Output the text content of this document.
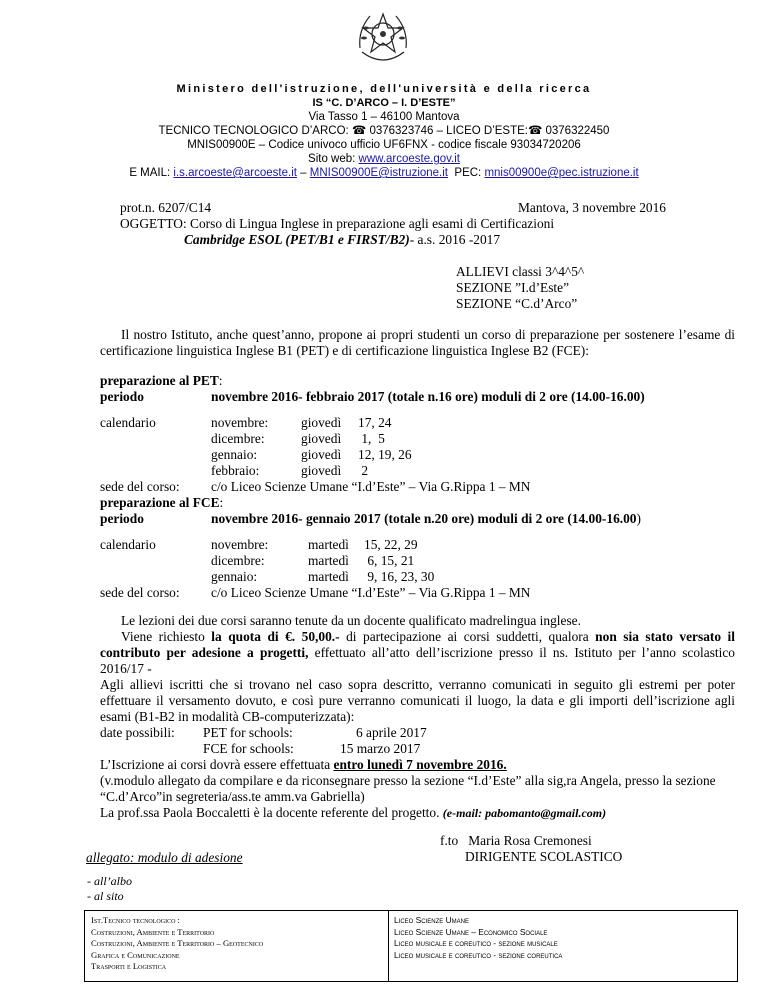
Ministero dell'istruzione, dell'università e della ricerca
IS “C. D’ARCO – I. D’ESTE”
Via Tasso 1 – 46100 Mantova
TECNICO TECNOLOGICO D’ARCO: ☎ 0376323746 – LICEO D’ESTE:☎ 0376322450
MNIS00900E – Codice univoco ufficio UF6FNX - codice fiscale 93034720206
Sito web: www.arcoeste.gov.it
E MAIL: i.s.arcoeste@arcoeste.it – MNIS00900E@istruzione.it PEC: mnis00900e@pec.istruzione.it
prot.n. 6207/C14	Mantova, 3 novembre 2016
OGGETTO: Corso di Lingua Inglese in preparazione agli esami di Certificazioni
Cambridge ESOL (PET/B1 e FIRST/B2)- a.s. 2016 -2017
ALLIEVI classi 3^4^5^
SEZIONE ”I.d’Este”
SEZIONE “C.d’Arco”
Il nostro Istituto, anche quest’anno, propone ai propri studenti un corso di preparazione per sostenere l’esame di certificazione linguistica Inglese B1 (PET) e di certificazione linguistica Inglese B2 (FCE):
preparazione al PET:
periodo	novembre 2016- febbraio 2017 (totale n.16 ore) moduli di 2 ore (14.00-16.00)
calendario	novembre: giovedì 17, 24
dicembre:	giovedì 1,  5
gennaio:	giovedì 12, 19, 26
febbraio:	giovedì 2
sede del corso: c/o Liceo Scienze Umane “I.d’Este” – Via G.Rippa 1 – MN
preparazione al FCE:
periodo	novembre 2016- gennaio 2017 (totale n.20 ore) moduli di 2 ore (14.00-16.00)
calendario	novembre:	martedì 15, 22, 29
dicembre:	martedì 6, 15, 21
gennaio:	martedì 9, 16, 23, 30
sede del corso: c/o Liceo Scienze Umane “I.d’Este” – Via G.Rippa 1 – MN
Le lezioni dei due corsi saranno tenute da un docente qualificato madrelingua inglese.
Viene richiesto la quota di €. 50,00.- di partecipazione ai corsi suddetti, qualora non sia stato versato il contributo per adesione a progetti, effettuato all’atto dell’iscrizione presso il ns. Istituto per l’anno scolastico 2016/17 -
Agli allievi iscritti che si trovano nel caso sopra descritto, verranno comunicati in seguito gli estremi per poter effettuare il versamento dovuto, e così pure verranno comunicati il luogo, la data e gli importi dell’iscrizione agli esami (B1-B2 in modalità CB-computerizzata):
date possibili: PET for schools:	6 aprile 2017
FCE for schools:	15 marzo 2017
L’Iscrizione ai corsi dovrà essere effettuata entro lunedì 7 novembre 2016.
(v.modulo allegato da compilare e da riconsegnare presso la sezione “I.d’Este” alla sig,ra Angela, presso la sezione “C.d’Arco”in segreteria/ass.te amm.va Gabriella)
La prof.ssa Paola Boccaletti è la docente referente del progetto. (e-mail: pabomanto@gmail.com)
f.to   Maria Rosa Cremonesi
DIRIGENTE SCOLASTICO
allegato: modulo di adesione
- all’albo
- al sito
Ist.Tecnico tecnologico :
Costruzioni, Ambiente e Territorio
Costruzioni, Ambiente e Territorio – Geotecnico
Grafica e Comunicazione
Trasporti e Logistica
Liceo Scienze Umane
Liceo Scienze Umane – Economico Sociale
Liceo musicale e coreutico - sezione musicale
Liceo musicale e coreutico - sezione coreutica
